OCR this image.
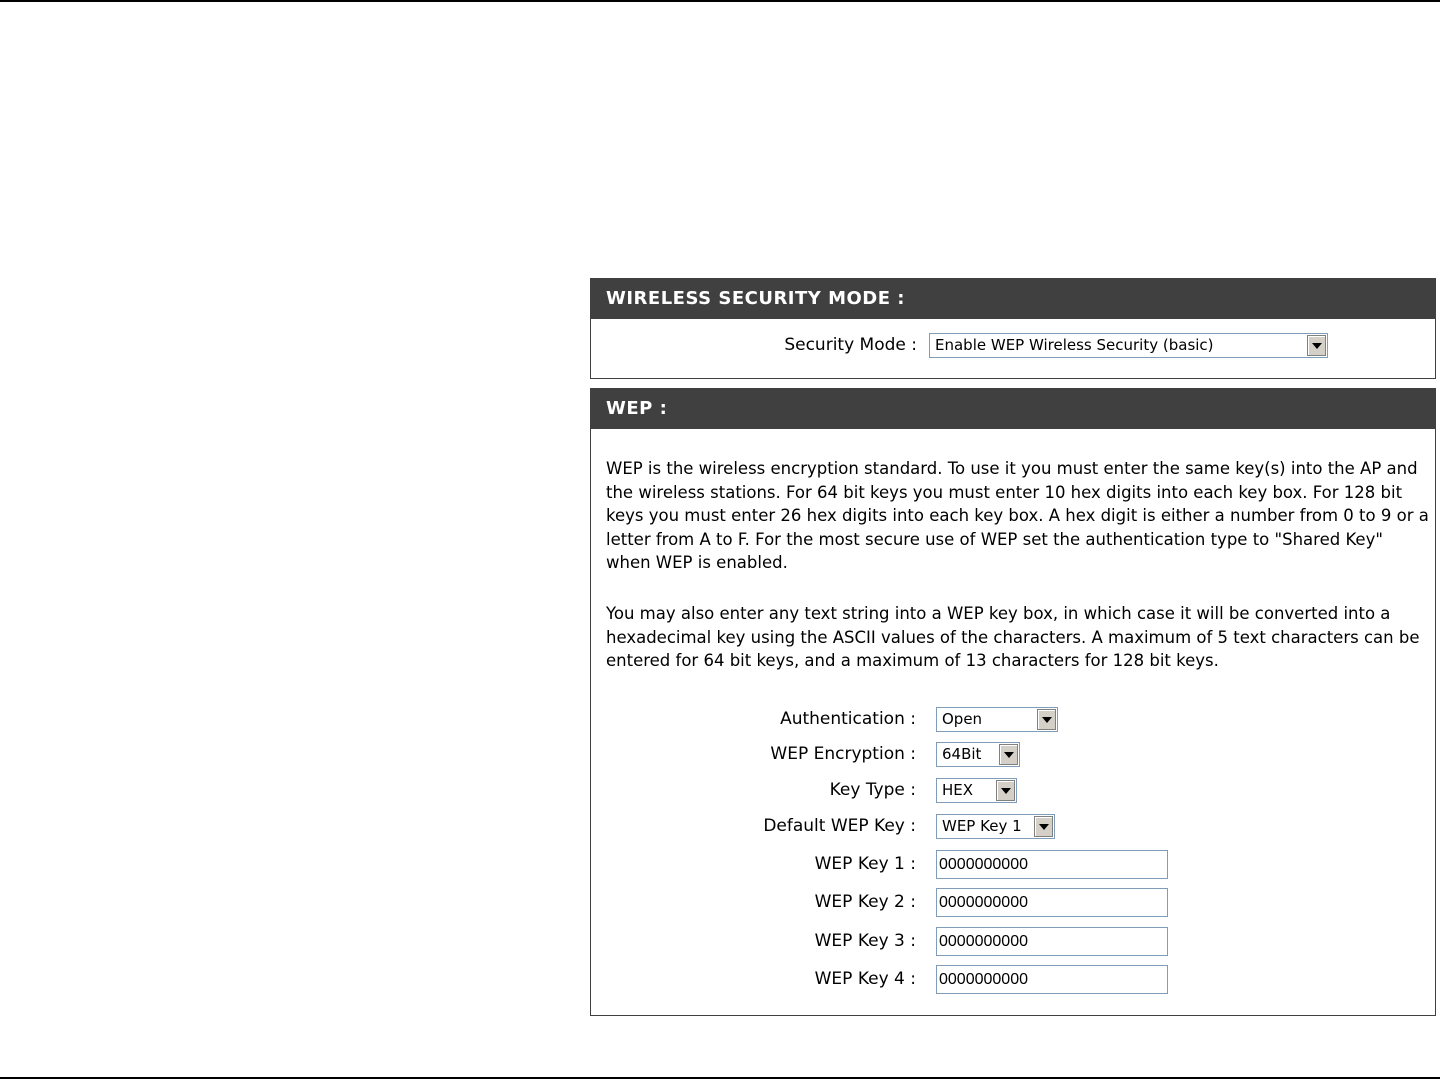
WIRELESS SECURITY MODE :
Security Mode :	Enable WEP Wireless Security (basic)
WEP :

WEP is the wireless encryption standard. To use it you must enter the same key(s) into the AP and the wireless stations. For 64 bit keys you must enter 10 hex digits into each key box. For 128 bit keys you must enter 26 hex digits into each key box. A hex digit is either a number from 0 to 9 or a letter from A to F. For the most secure use of WEP set the authentication type to "Shared Key" when WEP is enabled.

You may also enter any text string into a WEP key box, in which case it will be converted into a hexadecimal key using the ASCII values of the characters. A maximum of 5 text characters can be entered for 64 bit keys, and a maximum of 13 characters for 128 bit keys.

Authentication :	Open
WEP Encryption :	64Bit
Key Type :	HEX
Default WEP Key :	WEP Key 1
WEP Key 1 : 0000000000
WEP Key 2 : 0000000000
WEP Key 3 : 0000000000
WEP Key 4 : 0000000000
